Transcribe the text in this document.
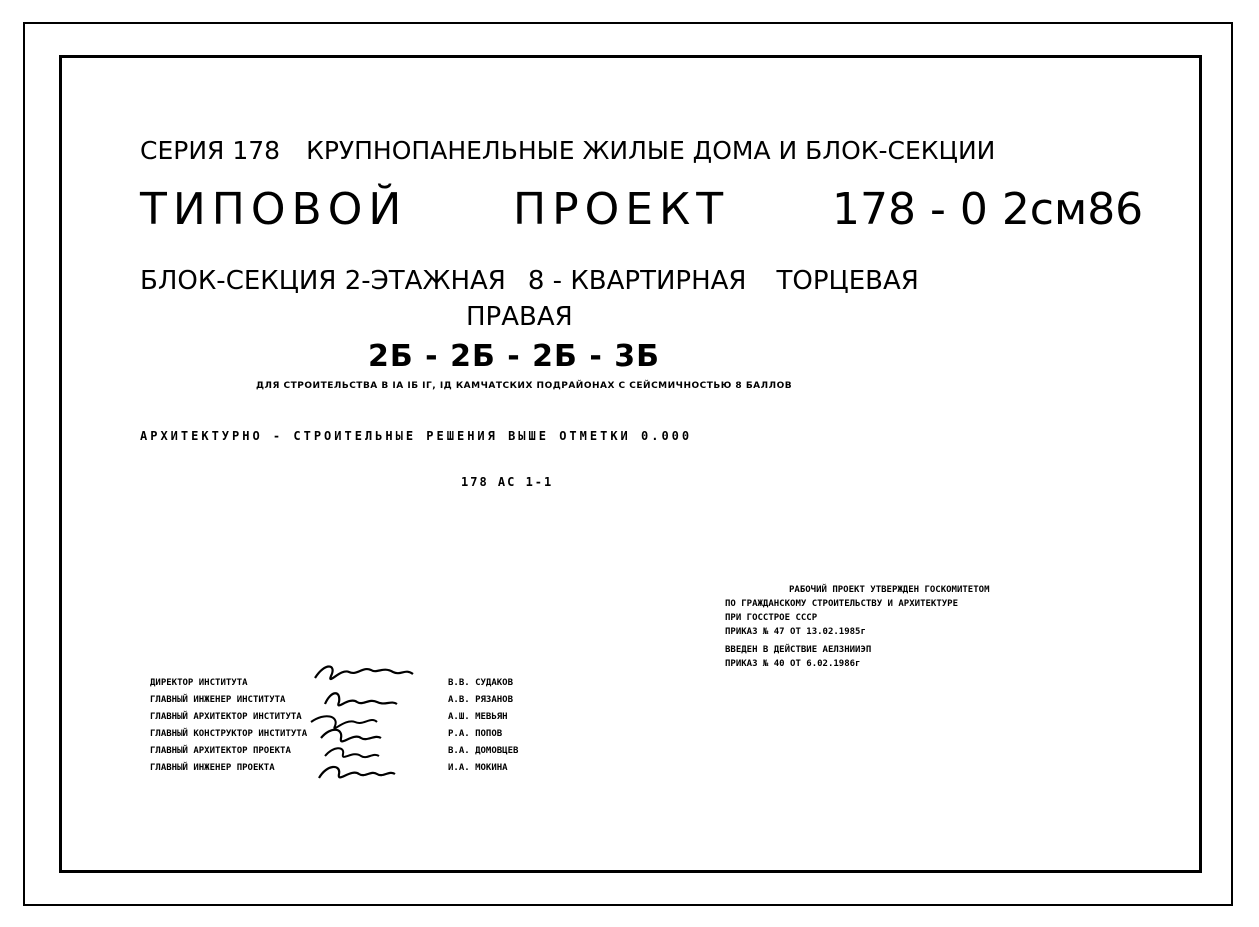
СЕРИЯ 178 КРУПНОПАНЕЛЬНЫЕ ЖИЛЫЕ ДОМА И БЛОК-СЕКЦИИ
ТИПОВОЙ ПРОЕКТ 178 - 0 2см86
БЛОК-СЕКЦИЯ 2-ЭТАЖНАЯ 8 - КВАРТИРНАЯ ТОРЦЕВАЯ
ПРАВАЯ
2Б - 2Б - 2Б - 3Б
ДЛЯ СТРОИТЕЛЬСТВА В IА IБ IГ, IД КАМЧАТСКИХ ПОДРАЙОНАХ С СЕЙСМИЧНОСТЬЮ 8 БАЛЛОВ
АРХИТЕКТУРНО - СТРОИТЕЛЬНЫЕ РЕШЕНИЯ ВЫШЕ ОТМЕТКИ 0.000
178 АС 1-1
РАБОЧИЙ ПРОЕКТ УТВЕРЖДЕН ГОСКОМИТЕТОМ
ПО ГРАЖДАНСКОМУ СТРОИТЕЛЬСТВУ И АРХИТЕКТУРЕ
ПРИ ГОССТРОЕ СССР
ПРИКАЗ № 47 ОТ 13.02.1985г
ВВЕДЕН В ДЕЙСТВИЕ АЕЛЗНИИЭП
ПРИКАЗ № 40 ОТ 6.02.1986г
ДИРЕКТОР ИНСТИТУТА	В.В. СУДАКОВ
ГЛАВНЫЙ ИНЖЕНЕР ИНСТИТУТА	А.В. РЯЗАНОВ
ГЛАВНЫЙ АРХИТЕКТОР ИНСТИТУТА	А.Ш. МЕВЬЯН
ГЛАВНЫЙ КОНСТРУКТОР ИНСТИТУТА	Р.А. ПОПОВ
ГЛАВНЫЙ АРХИТЕКТОР ПРОЕКТА	В.А. ДОМОВЦЕВ
ГЛАВНЫЙ ИНЖЕНЕР ПРОЕКТА	И.А. МОКИНА
